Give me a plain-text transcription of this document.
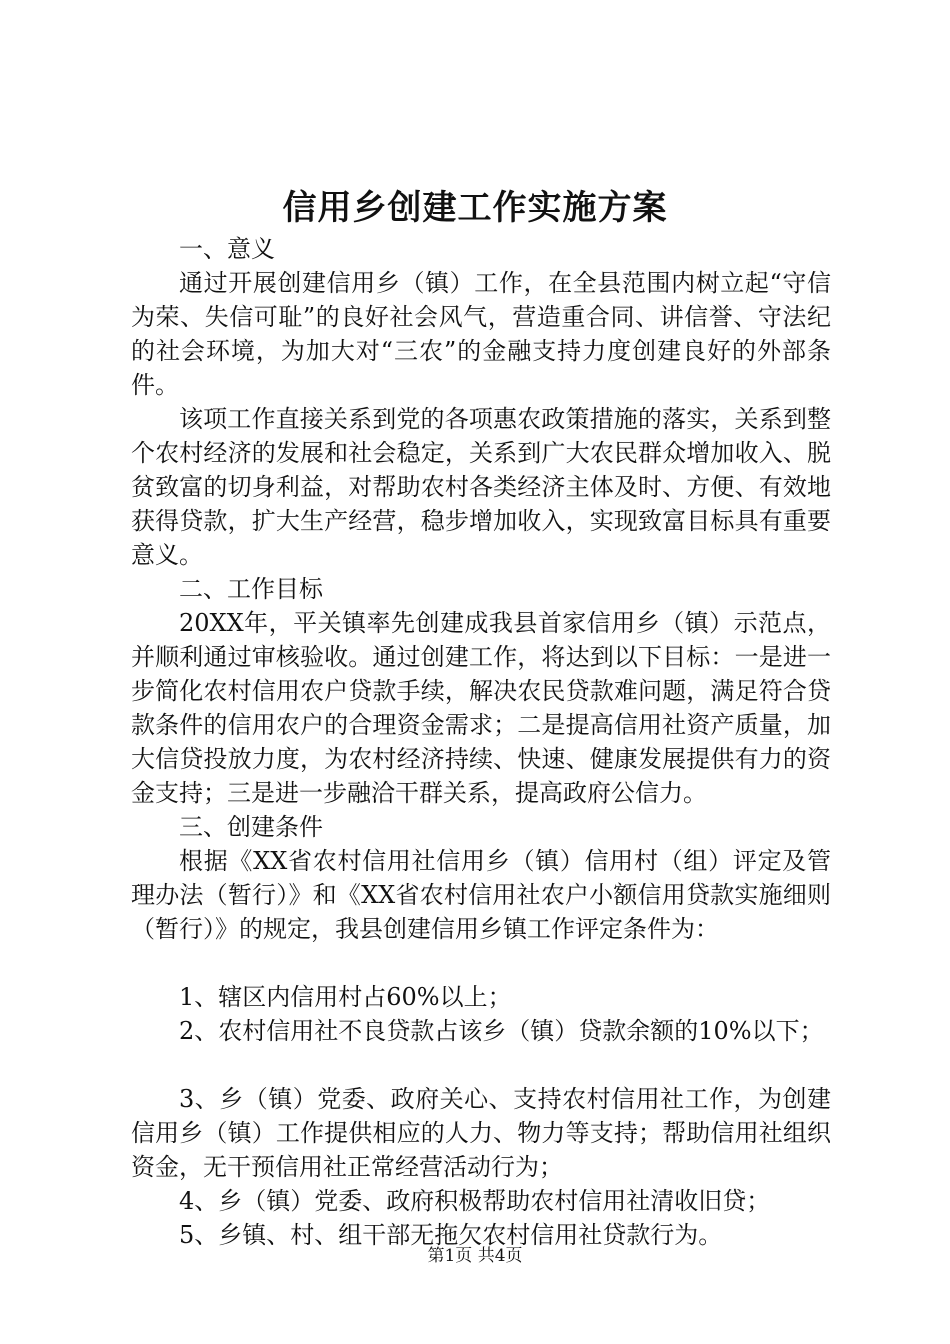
信用乡创建工作实施方案

一、意义

通过开展创建信用乡（镇）工作，在全县范围内树立起“守信为荣、失信可耻”的良好社会风气，营造重合同、讲信誉、守法纪的社会环境，为加大对“三农”的金融支持力度创建良好的外部条件。

该项工作直接关系到党的各项惠农政策措施的落实，关系到整个农村经济的发展和社会稳定，关系到广大农民群众增加收入、脱贫致富的切身利益，对帮助农村各类经济主体及时、方便、有效地获得贷款，扩大生产经营，稳步增加收入，实现致富目标具有重要意义。

二、工作目标

20XX年，平关镇率先创建成我县首家信用乡（镇）示范点，并顺利通过审核验收。通过创建工作，将达到以下目标：一是进一步简化农村信用农户贷款手续，解决农民贷款难问题，满足符合贷款条件的信用农户的合理资金需求；二是提高信用社资产质量，加大信贷投放力度，为农村经济持续、快速、健康发展提供有力的资金支持；三是进一步融洽干群关系，提高政府公信力。

三、创建条件

根据《XX省农村信用社信用乡（镇）信用村（组）评定及管理办法（暂行）》和《XX省农村信用社农户小额信用贷款实施细则（暂行）》的规定，我县创建信用乡镇工作评定条件为：

1、辖区内信用村占60%以上；

2、农村信用社不良贷款占该乡（镇）贷款余额的10%以下；

3、乡（镇）党委、政府关心、支持农村信用社工作，为创建信用乡（镇）工作提供相应的人力、物力等支持；帮助信用社组织资金，无干预信用社正常经营活动行为；

4、乡（镇）党委、政府积极帮助农村信用社清收旧贷；

5、乡镇、村、组干部无拖欠农村信用社贷款行为。

第1页 共4页
